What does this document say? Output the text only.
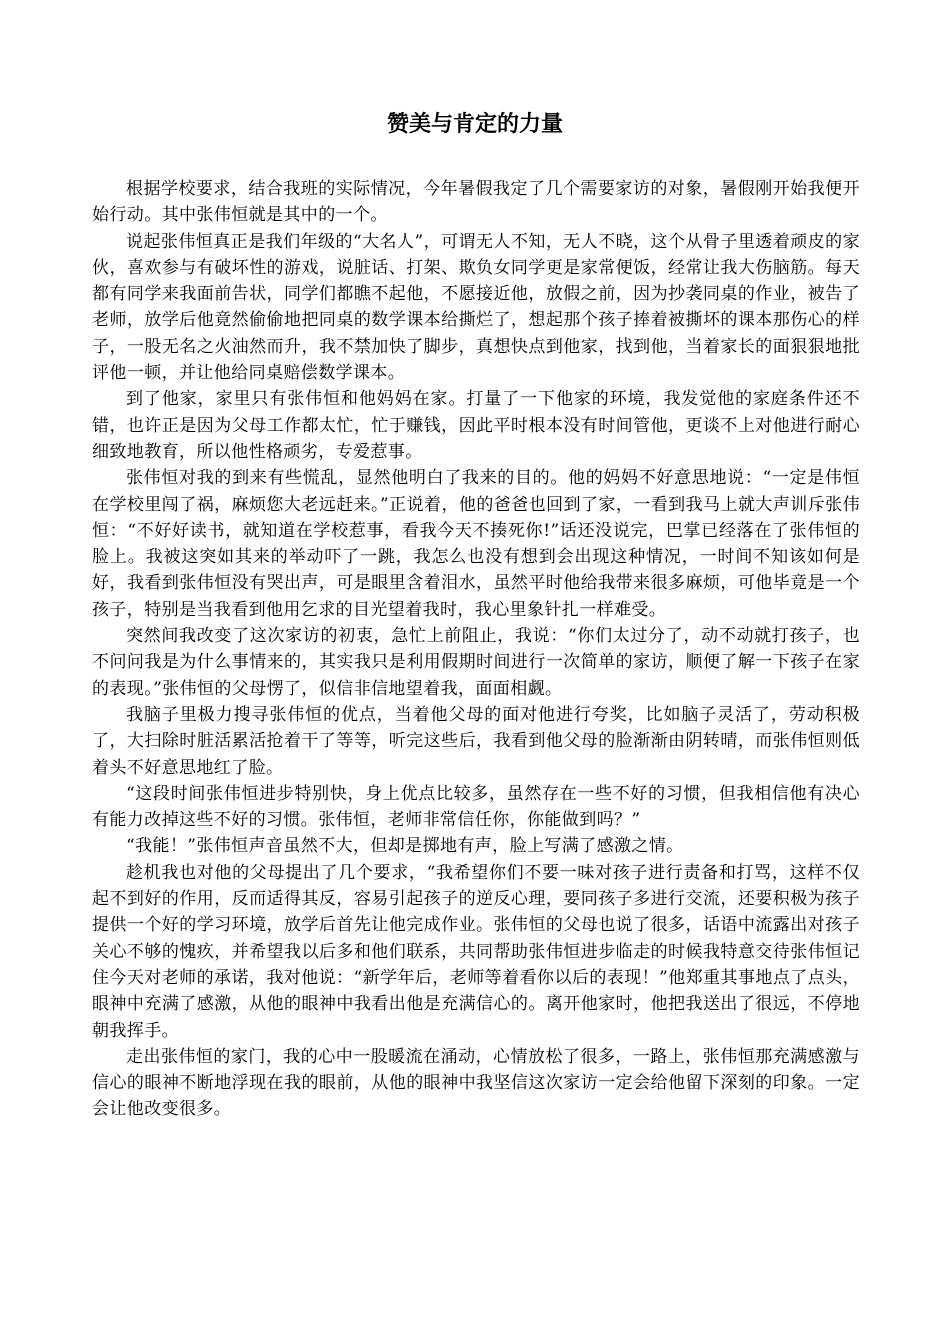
赞美与肯定的力量

根据学校要求，结合我班的实际情况，今年暑假我定了几个需要家访的对象，暑假刚开始我便开始行动。其中张伟恒就是其中的一个。

说起张伟恒真正是我们年级的“大名人”，可谓无人不知，无人不晓，这个从骨子里透着顽皮的家伙，喜欢参与有破坏性的游戏，说脏话、打架、欺负女同学更是家常便饭，经常让我大伤脑筋。每天都有同学来我面前告状，同学们都瞧不起他，不愿接近他，放假之前，因为抄袭同桌的作业，被告了老师，放学后他竟然偷偷地把同桌的数学课本给撕烂了，想起那个孩子捧着被撕坏的课本那伤心的样子，一股无名之火油然而升，我不禁加快了脚步，真想快点到他家，找到他，当着家长的面狠狠地批评他一顿，并让他给同桌赔偿数学课本。

到了他家，家里只有张伟恒和他妈妈在家。打量了一下他家的环境，我发觉他的家庭条件还不错，也许正是因为父母工作都太忙，忙于赚钱，因此平时根本没有时间管他，更谈不上对他进行耐心细致地教育，所以他性格顽劣，专爱惹事。

张伟恒对我的到来有些慌乱，显然他明白了我来的目的。他的妈妈不好意思地说：“一定是伟恒在学校里闯了祸，麻烦您大老远赶来。”正说着，他的爸爸也回到了家，一看到我马上就大声训斥张伟恒：“不好好读书，就知道在学校惹事，看我今天不揍死你!”话还没说完，巴掌已经落在了张伟恒的脸上。我被这突如其来的举动吓了一跳，我怎么也没有想到会出现这种情况，一时间不知该如何是好，我看到张伟恒没有哭出声，可是眼里含着泪水，虽然平时他给我带来很多麻烦，可他毕竟是一个孩子，特别是当我看到他用乞求的目光望着我时，我心里象针扎一样难受。

突然间我改变了这次家访的初衷，急忙上前阻止，我说：“你们太过分了，动不动就打孩子，也不问问我是为什么事情来的，其实我只是利用假期时间进行一次简单的家访，顺便了解一下孩子在家的表现。”张伟恒的父母愣了，似信非信地望着我，面面相觑。

我脑子里极力搜寻张伟恒的优点，当着他父母的面对他进行夸奖，比如脑子灵活了，劳动积极了，大扫除时脏活累活抢着干了等等，听完这些后，我看到他父母的脸渐渐由阴转晴，而张伟恒则低着头不好意思地红了脸。

“这段时间张伟恒进步特别快，身上优点比较多，虽然存在一些不好的习惯，但我相信他有决心有能力改掉这些不好的习惯。张伟恒，老师非常信任你，你能做到吗？”

“我能！”张伟恒声音虽然不大，但却是掷地有声，脸上写满了感激之情。

趁机我也对他的父母提出了几个要求，“我希望你们不要一味对孩子进行责备和打骂，这样不仅起不到好的作用，反而适得其反，容易引起孩子的逆反心理，要同孩子多进行交流，还要积极为孩子提供一个好的学习环境，放学后首先让他完成作业。张伟恒的父母也说了很多，话语中流露出对孩子关心不够的愧疚，并希望我以后多和他们联系，共同帮助张伟恒进步临走的时候我特意交待张伟恒记住今天对老师的承诺，我对他说：“新学年后，老师等着看你以后的表现！”他郑重其事地点了点头，眼神中充满了感激，从他的眼神中我看出他是充满信心的。离开他家时，他把我送出了很远，不停地朝我挥手。

走出张伟恒的家门，我的心中一股暖流在涌动，心情放松了很多，一路上，张伟恒那充满感激与信心的眼神不断地浮现在我的眼前，从他的眼神中我坚信这次家访一定会给他留下深刻的印象。一定会让他改变很多。
